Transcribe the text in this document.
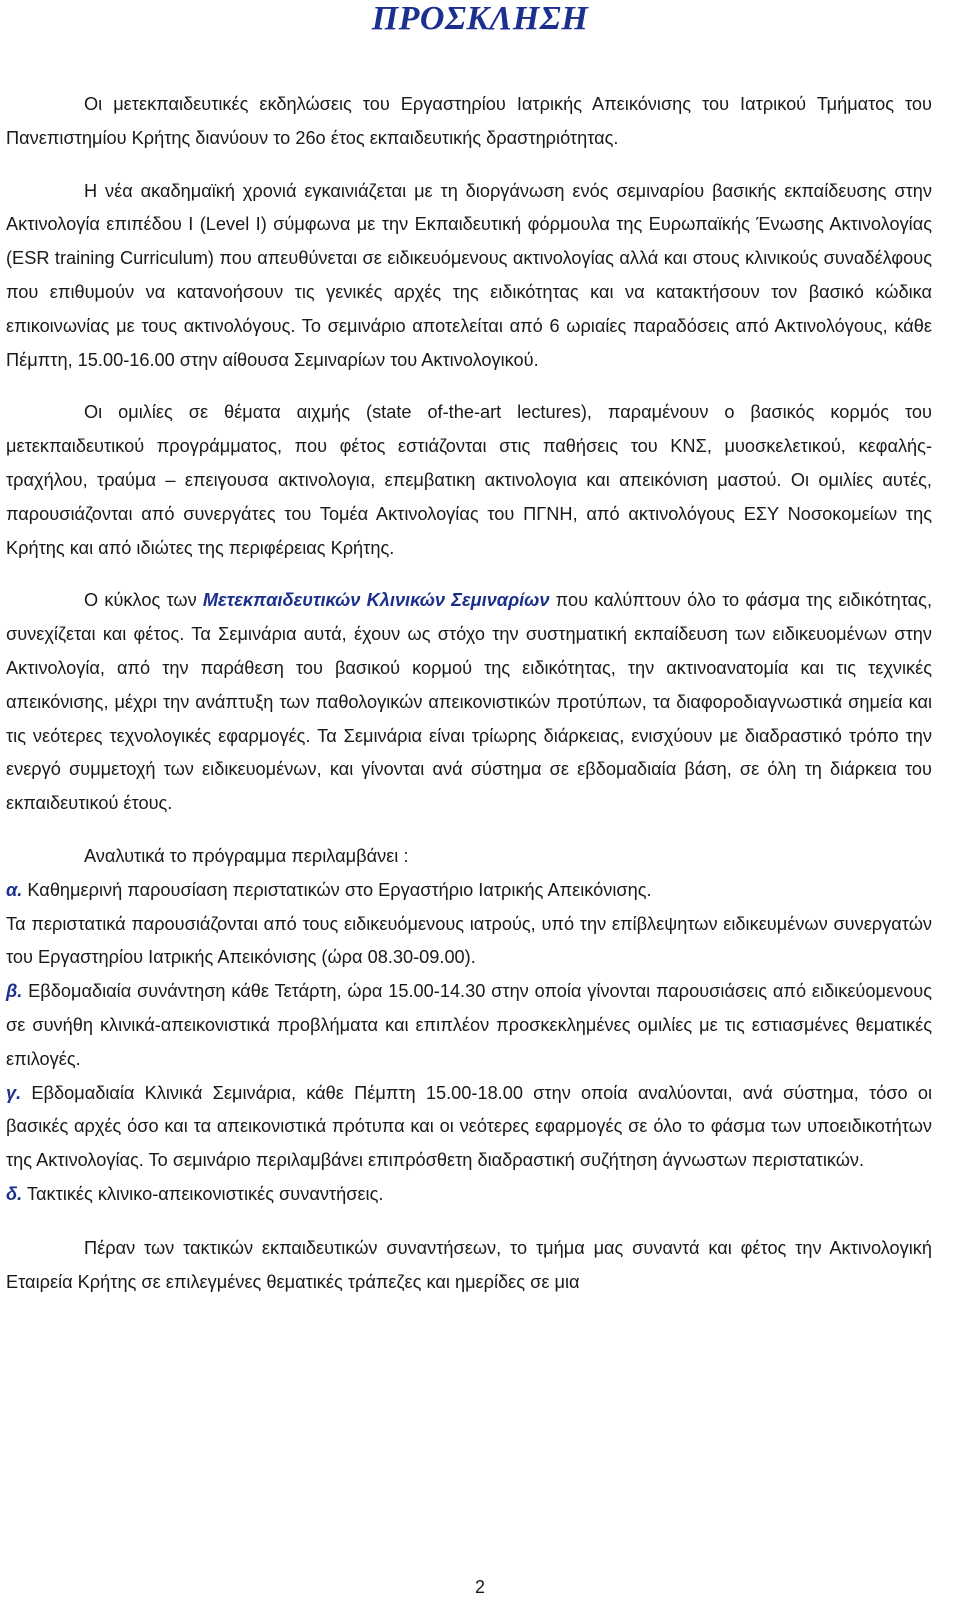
ΠΡΟΣΚΛΗΣΗ

Οι μετεκπαιδευτικές εκδηλώσεις του Εργαστηρίου Ιατρικής Απεικόνισης του Ιατρικού Τμήματος του Πανεπιστημίου Κρήτης διανύουν το 26ο έτος εκπαιδευτικής δραστηριότητας.

Η νέα ακαδημαϊκή χρονιά εγκαινιάζεται με τη διοργάνωση ενός σεμιναρίου βασικής εκπαίδευσης στην Ακτινολογία επιπέδου I (Level I) σύμφωνα με την Εκπαιδευτική φόρμουλα της Ευρωπαϊκής Ένωσης Ακτινολογίας (ESR training Curriculum) που απευθύνεται σε ειδικευόμενους ακτινολογίας αλλά και στους κλινικούς συναδέλφους που επιθυμούν να κατανοήσουν τις γενικές αρχές της ειδικότητας και να κατακτήσουν τον βασικό κώδικα επικοινωνίας με τους ακτινολόγους. Το σεμινάριο αποτελείται από 6 ωριαίες παραδόσεις από Ακτινολόγους, κάθε Πέμπτη, 15.00-16.00 στην αίθουσα Σεμιναρίων του Ακτινολογικού.

Οι ομιλίες σε θέματα αιχμής (state of-the-art lectures), παραμένουν ο βασικός κορμός του μετεκπαιδευτικού προγράμματος, που φέτος εστιάζονται στις παθήσεις του ΚΝΣ, μυοσκελετικού, κεφαλής-τραχήλου, τραύμα – επειγουσα ακτινολογια, επεμβατικη ακτινολογια και απεικόνιση μαστού. Οι ομιλίες αυτές, παρουσιάζονται από συνεργάτες του Τομέα Ακτινολογίας του ΠΓΝΗ, από ακτινολόγους ΕΣΥ Νοσοκομείων της Κρήτης και από ιδιώτες της περιφέρειας Κρήτης.

Ο κύκλος των Μετεκπαιδευτικών Κλινικών Σεμιναρίων που καλύπτουν όλο το φάσμα της ειδικότητας, συνεχίζεται και φέτος. Τα Σεμινάρια αυτά, έχουν ως στόχο την συστηματική εκπαίδευση των ειδικευομένων στην Ακτινολογία, από την παράθεση του βασικού κορμού της ειδικότητας, την ακτινοανατομία και τις τεχνικές απεικόνισης, μέχρι την ανάπτυξη των παθολογικών απεικονιστικών προτύπων, τα διαφοροδιαγνωστικά σημεία και τις νεότερες τεχνολογικές εφαρμογές. Τα Σεμινάρια είναι τρίωρης διάρκειας, ενισχύουν με διαδραστικό τρόπο την ενεργό συμμετοχή των ειδικευομένων, και γίνονται ανά σύστημα σε εβδομαδιαία βάση, σε όλη τη διάρκεια του εκπαιδευτικού έτους.

Αναλυτικά το πρόγραμμα περιλαμβάνει :

α. Καθημερινή παρουσίαση περιστατικών στο Εργαστήριο Ιατρικής Απεικόνισης.

Τα περιστατικά παρουσιάζονται από τους ειδικευόμενους ιατρούς, υπό την επίβλεψητων ειδικευμένων συνεργατών του Εργαστηρίου Ιατρικής Απεικόνισης (ώρα 08.30-09.00).

β. Εβδομαδιαία συνάντηση κάθε Τετάρτη, ώρα 15.00-14.30 στην οποία γίνονται παρουσιάσεις από ειδικεύομενους σε συνήθη κλινικά-απεικονιστικά προβλήματα και επιπλέον προσκεκλημένες ομιλίες με τις εστιασμένες θεματικές επιλογές.

γ. Εβδομαδιαία Κλινικά Σεμινάρια, κάθε Πέμπτη 15.00-18.00 στην οποία αναλύονται, ανά σύστημα, τόσο οι βασικές αρχές όσο και τα απεικονιστικά πρότυπα και οι νεότερες εφαρμογές σε όλο το φάσμα των υποειδικοτήτων της Ακτινολογίας. Το σεμινάριο περιλαμβάνει επιπρόσθετη διαδραστική συζήτηση άγνωστων περιστατικών.

δ. Τακτικές κλινικο-απεικονιστικές συναντήσεις.

Πέραν των τακτικών εκπαιδευτικών συναντήσεων, το τμήμα μας συναντά και φέτος την Ακτινολογική Εταιρεία Κρήτης σε επιλεγμένες θεματικές τράπεζες και ημερίδες σε μια

2
